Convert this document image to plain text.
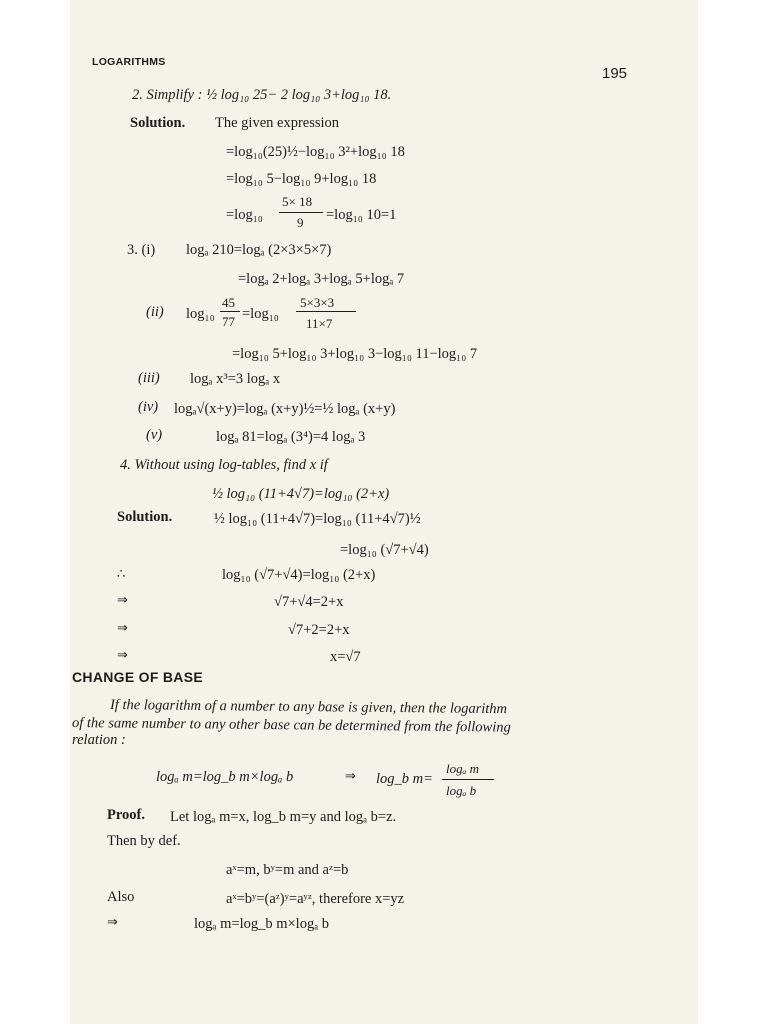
LOGARITHMS
195
2. Simplify : ½ log₁₀ 25− 2 log₁₀ 3+log₁₀ 18.
Solution. The given expression
=log₁₀(25)½−log₁₀ 3²+log₁₀ 18
=log₁₀ 5−log₁₀ 9+log₁₀ 18
=log₁₀
5× 18
9 =log₁₀ 10=1
3. (i) logₐ 210=logₐ (2×3×5×7)
=logₐ 2+logₐ 3+logₐ 5+logₐ 7
(ii) log₁₀
45
77 =log₁₀
5×3×3
11×7
=log₁₀ 5+log₁₀ 3+log₁₀ 3−log₁₀ 11−log₁₀ 7
(iii) logₐ x³=3 logₐ x
(iv) logₐ√(x+y)=logₐ (x+y)½=½ logₐ (x+y)
(v)	logₐ 81=logₐ (3⁴)=4 logₐ 3
4. Without using log-tables, find x if
½ log₁₀ (11+4√7)=log₁₀ (2+x)
Solution.	½ log₁₀ (11+4√7)=log₁₀ (11+4√7)½
=log₁₀ (√7+√4)
∴	log₁₀ (√7+√4)=log₁₀ (2+x)
⇒	√7+√4=2+x
⇒	√7+2=2+x
⇒	x=√7
CHANGE OF BASE
If the logarithm of a number to any base is given, then the logarithm
of the same number to any other base can be determined from the following
relation :
logₐ m=log_b m×logₐ b	⇒ log_b m=
logₐ m
logₐ b
Proof. Let logₐ m=x, log_b m=y and logₐ b=z.
Then by def.
aˣ=m, bʸ=m and aᶻ=b
Also	aˣ=bʸ=(aᶻ)ʸ=aʸᶻ, therefore x=yz
⇒	logₐ m=log_b m×logₐ b
